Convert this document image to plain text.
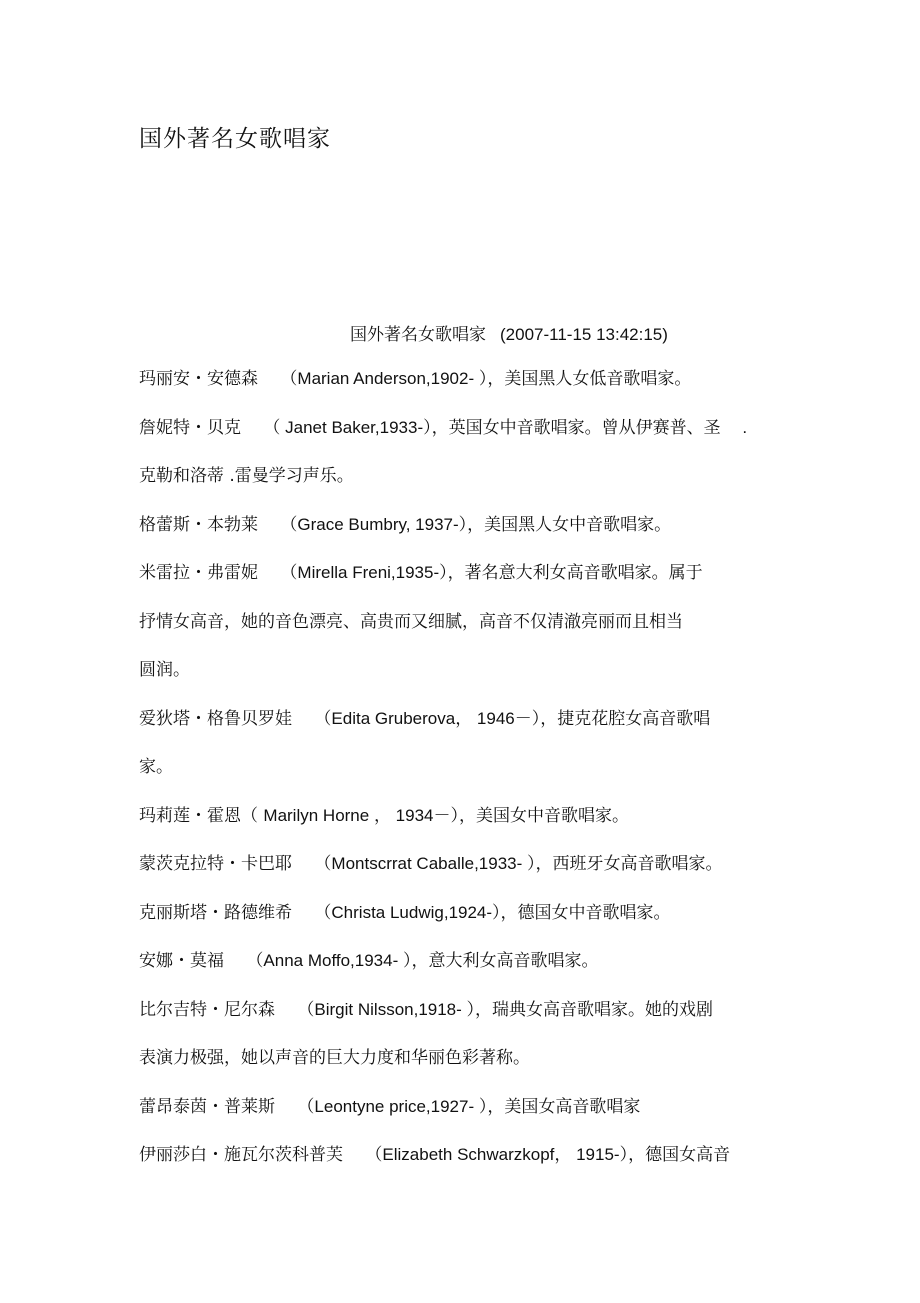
国外著名女歌唱家
国外著名女歌唱家 (2007-11-15 13:42:15)
玛丽安・安德森　 （Marian Anderson,1902- ），美国黑人女低音歌唱家。
詹妮特・贝克　 （ Janet Baker,1933-），英国女中音歌唱家。曾从伊赛普、圣　 .
克勒和洛蒂 .雷曼学习声乐。
格蕾斯・本勃莱　 （Grace Bumbry, 1937-），美国黑人女中音歌唱家。
米雷拉・弗雷妮　 （Mirella Freni,1935-），著名意大利女高音歌唱家。属于
抒情女高音，她的音色漂亮、高贵而又细腻，高音不仅清澈亮丽而且相当
圆润。
爱狄塔・格鲁贝罗娃　 （Edita Gruberova， 1946－），捷克花腔女高音歌唱
家。
玛莉莲・霍恩（ Marilyn Horne ， 1934－），美国女中音歌唱家。
蒙茨克拉特・卡巴耶　 （Montscrrat Caballe,1933- ），西班牙女高音歌唱家。
克丽斯塔・路德维希　 （Christa Ludwig,1924-），德国女中音歌唱家。
安娜・莫福　 （Anna Moffo,1934- ），意大利女高音歌唱家。
比尔吉特・尼尔森　 （Birgit Nilsson,1918- ），瑞典女高音歌唱家。她的戏剧
表演力极强，她以声音的巨大力度和华丽色彩著称。
蕾昂泰茵・普莱斯　 （Leontyne price,1927- ），美国女高音歌唱家
伊丽莎白・施瓦尔茨科普芙　 （Elizabeth Schwarzkopf， 1915-），德国女高音
